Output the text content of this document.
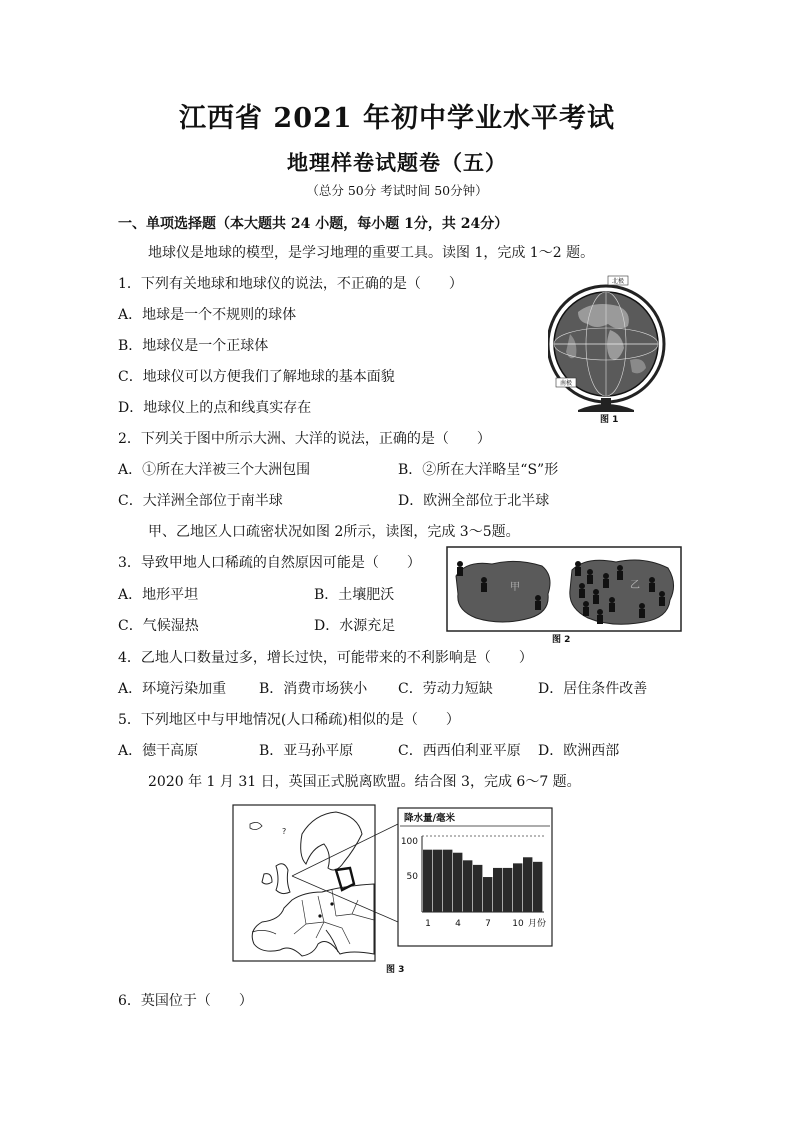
江西省 2021 年初中学业水平考试
地理样卷试题卷（五）
（总分 50分 考试时间 50分钟）
一、单项选择题（本大题共 24 小题，每小题 1分，共 24分）
地球仪是地球的模型，是学习地理的重要工具。读图 1，完成 1～2 题。
1．下列有关地球和地球仪的说法，不正确的是（　　）
A．地球是一个不规则的球体
B．地球仪是一个正球体
C．地球仪可以方便我们了解地球的基本面貌
D．地球仪上的点和线真实存在
北极
南极
图 1
2．下列关于图中所示大洲、大洋的说法，正确的是（　　）
A．①所在大洋被三个大洲包围	B．②所在大洋略呈“S”形
C．大洋洲全部位于南半球	D．欧洲全部位于北半球
甲、乙地区人口疏密状况如图 2所示，读图，完成 3～5题。
3．导致甲地人口稀疏的自然原因可能是（　　）
A．地形平坦	B．土壤肥沃
C．气候湿热	D．水源充足
甲	乙
图 2
4．乙地人口数量过多，增长过快，可能带来的不利影响是（　　）
A．环境污染加重 B．消费市场狭小 C．劳动力短缺	D．居住条件改善
5．下列地区中与甲地情况(人口稀疏)相似的是（　　）
A．德干高原	B．亚马孙平原	C．西西伯利亚平原 D．欧洲西部
2020 年 1 月 31 日，英国正式脱离欧盟。结合图 3，完成 6～7 题。
?
降水量/毫米
100
50
1	4	7 10 月份
图 3
6．英国位于（　　）
